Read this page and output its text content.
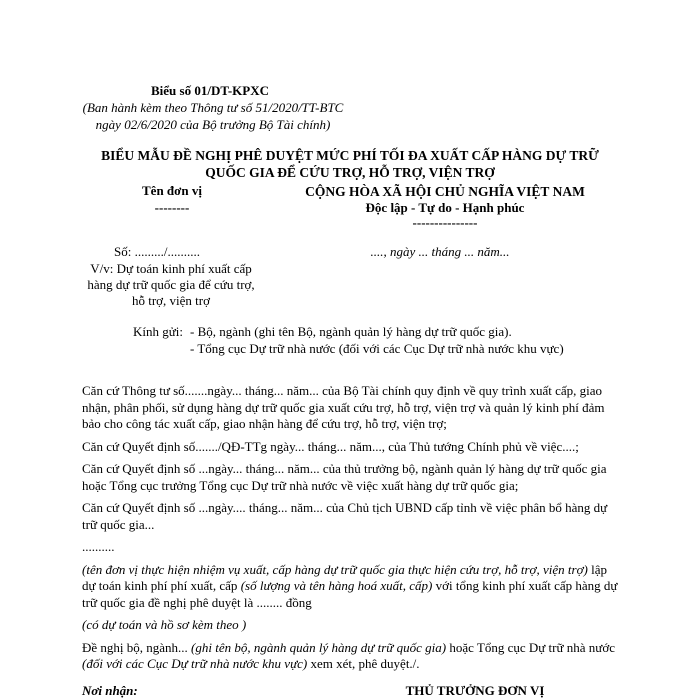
Biểu số 01/DT-KPXC
(Ban hành kèm theo Thông tư số 51/2020/TT-BTC ngày 02/6/2020 của Bộ trưởng Bộ Tài chính)
BIỂU MẪU ĐỀ NGHỊ PHÊ DUYỆT MỨC PHÍ TỐI ĐA XUẤT CẤP HÀNG DỰ TRỮ
QUỐC GIA ĐỂ CỨU TRỢ, HỖ TRỢ, VIỆN TRỢ
Tên đơn vị
--------
CỘNG HÒA XÃ HỘI CHỦ NGHĨA VIỆT NAM
Độc lập - Tự do - Hạnh phúc
---------------
Số: ........./..........	...., ngày ... tháng ... năm...
V/v: Dự toán kinh phí xuất cấp hàng dự trữ quốc gia để cứu trợ, hỗ trợ, viện trợ
Kính gửi: - Bộ, ngành (ghi tên Bộ, ngành quản lý hàng dự trữ quốc gia).
- Tổng cục Dự trữ nhà nước (đối với các Cục Dự trữ nhà nước khu vực)

Căn cứ Thông tư số.......ngày... tháng... năm... của Bộ Tài chính quy định về quy trình xuất cấp, giao nhận, phân phối, sử dụng hàng dự trữ quốc gia xuất cứu trợ, hỗ trợ, viện trợ và quản lý kinh phí đảm bảo cho công tác xuất cấp, giao nhận hàng để cứu trợ, hỗ trợ, viện trợ;

Căn cứ Quyết định số......./QĐ-TTg ngày... tháng... năm..., của Thủ tướng Chính phủ về việc....;

Căn cứ Quyết định số ...ngày... tháng... năm... của thủ trưởng bộ, ngành quản lý hàng dự trữ quốc gia hoặc Tổng cục trưởng Tổng cục Dự trữ nhà nước về việc xuất hàng dự trữ quốc gia;

Căn cứ Quyết định số ...ngày.... tháng... năm... của Chủ tịch UBND cấp tỉnh về việc phân bổ hàng dự trữ quốc gia...

..........

(tên đơn vị thực hiện nhiệm vụ xuất, cấp hàng dự trữ quốc gia thực hiện cứu trợ, hỗ trợ, viện trợ) lập dự toán kinh phí phí xuất, cấp (số lượng và tên hàng hoá xuất, cấp) với tổng kinh phí xuất cấp hàng dự trữ quốc gia đề nghị phê duyệt là ........ đồng

(có dự toán và hồ sơ kèm theo )

Đề nghị bộ, ngành... (ghi tên bộ, ngành quản lý hàng dự trữ quốc gia) hoặc Tổng cục Dự trữ nhà nước (đối với các Cục Dự trữ nhà nước khu vực) xem xét, phê duyệt./.

Nơi nhận:	THỦ TRƯỞNG ĐƠN VỊ
